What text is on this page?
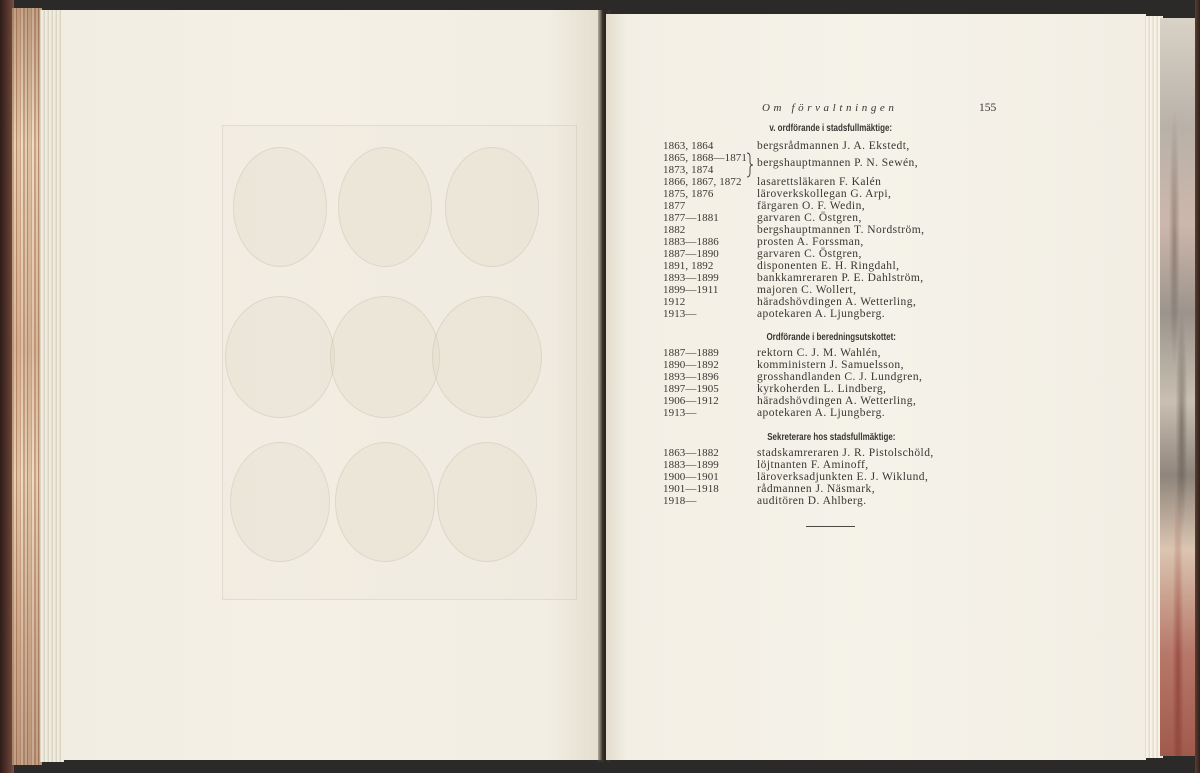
Om förvaltningen	155
v. ordförande i stadsfullmäktige:
1863, 1864	bergsrådmannen J. A. Ekstedt,
1865, 1868—1871
1873, 1874
bergshauptmannen P. N. Sewén,
1866, 1867, 1872 lasarettsläkaren F. Kalén
1875, 1876	läroverkskollegan G. Arpi,
1877	färgaren O. F. Wedin,
1877—1881	garvaren C. Östgren,
1882	bergshauptmannen T. Nordström,
1883—1886	prosten A. Forssman,
1887—1890	garvaren C. Östgren,
1891, 1892	disponenten E. H. Ringdahl,
1893—1899	bankkamreraren P. E. Dahlström,
1899—1911	majoren C. Wollert,
1912	häradshövdingen A. Wetterling,
1913—	apotekaren A. Ljungberg.
Ordförande i beredningsutskottet:
1887—1889	rektorn C. J. M. Wahlén,
1890—1892	komministern J. Samuelsson,
1893—1896	grosshandlanden C. J. Lundgren,
1897—1905	kyrkoherden L. Lindberg,
1906—1912	häradshövdingen A. Wetterling,
1913—	apotekaren A. Ljungberg.
Sekreterare hos stadsfullmäktige:
1863—1882	stadskamreraren J. R. Pistolschöld,
1883—1899	löjtnanten F. Aminoff,
1900—1901	läroverksadjunkten E. J. Wiklund,
1901—1918	rådmannen J. Näsmark,
1918—	auditören D. Ahlberg.
